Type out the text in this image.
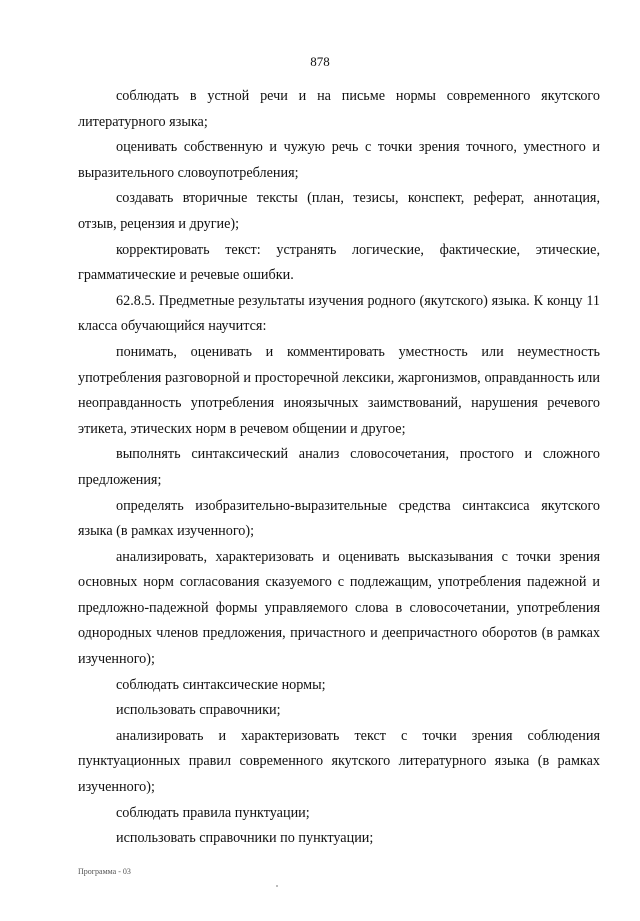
878

соблюдать в устной речи и на письме нормы современного якутского литературного языка;

оценивать собственную и чужую речь с точки зрения точного, уместного и выразительного словоупотребления;

создавать вторичные тексты (план, тезисы, конспект, реферат, аннотация, отзыв, рецензия и другие);

корректировать текст: устранять логические, фактические, этические, грамматические и речевые ошибки.

62.8.5. Предметные результаты изучения родного (якутского) языка. К концу 11 класса обучающийся научится:

понимать, оценивать и комментировать уместность или неуместность употребления разговорной и просторечной лексики, жаргонизмов, оправданность или неоправданность употребления иноязычных заимствований, нарушения речевого этикета, этических норм в речевом общении и другое;

выполнять синтаксический анализ словосочетания, простого и сложного предложения;

определять изобразительно-выразительные средства синтаксиса якутского языка (в рамках изученного);

анализировать, характеризовать и оценивать высказывания с точки зрения основных норм согласования сказуемого с подлежащим, употребления падежной и предложно-падежной формы управляемого слова в словосочетании, употребления однородных членов предложения, причастного и деепричастного оборотов (в рамках изученного);

соблюдать синтаксические нормы;

использовать справочники;

анализировать и характеризовать текст с точки зрения соблюдения пунктуационных правил современного якутского литературного языка (в рамках изученного);

соблюдать правила пунктуации;

использовать справочники по пунктуации;

Программа - 03
